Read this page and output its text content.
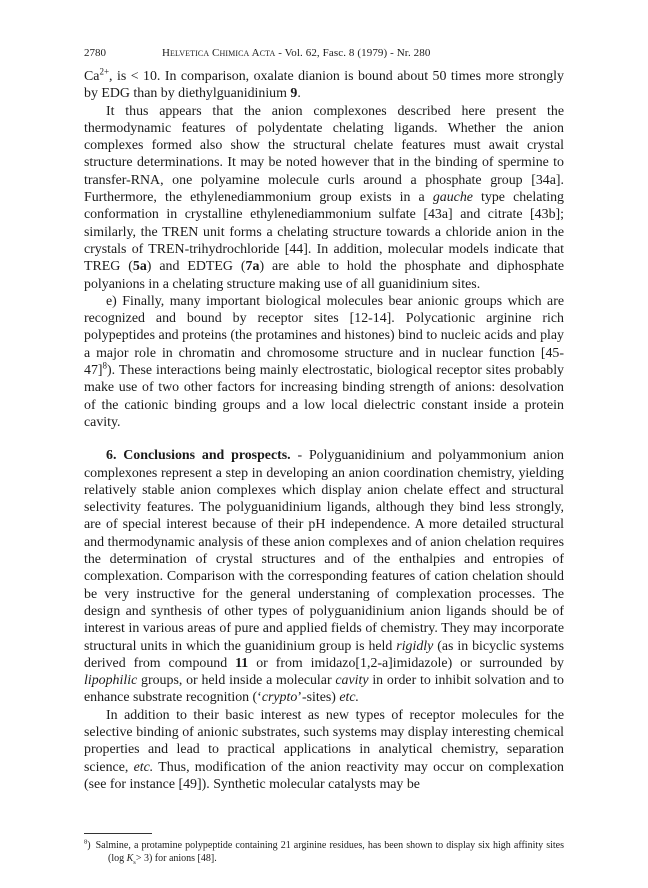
2780	Helvetica Chimica Acta - Vol. 62, Fasc. 8 (1979) - Nr. 280

$Ca^{2+}$, is < 10. In comparison, oxalate dianion is bound about 50 times more strongly by EDG than by diethylguanidinium 9.

It thus appears that the anion complexones described here present the thermodynamic features of polydentate chelating ligands. Whether the anion complexes formed also show the structural chelate features must await crystal structure determinations. It may be noted however that in the binding of spermine to transfer-RNA, one polyamine molecule curls around a phosphate group [34a]. Furthermore, the ethylenediammonium group exists in a gauche type chelating conformation in crystalline ethylenediammonium sulfate [43a] and citrate [43b]; similarly, the TREN unit forms a chelating structure towards a chloride anion in the crystals of TREN-trihydrochloride [44]. In addition, molecular models indicate that TREG (5a) and EDTEG (7a) are able to hold the phosphate and diphosphate polyanions in a chelating structure making use of all guanidinium sites.

e) Finally, many important biological molecules bear anionic groups which are recognized and bound by receptor sites [12-14]. Polycationic arginine rich polypeptides and proteins (the protamines and histones) bind to nucleic acids and play a major role in chromatin and chromosome structure and in nuclear function $[45-47]^8$). These interactions being mainly electrostatic, biological receptor sites probably make use of two other factors for increasing binding strength of anions: desolvation of the cationic binding groups and a low local dielectric constant inside a protein cavity.

6. Conclusions and prospects. - Polyguanidinium and polyammonium anion complexones represent a step in developing an anion coordination chemistry, yielding relatively stable anion complexes which display anion chelate effect and structural selectivity features. The polyguanidinium ligands, although they bind less strongly, are of special interest because of their pH independence. A more detailed structural and thermodynamic analysis of these anion complexes and of anion chelation requires the determination of crystal structures and of the enthalpies and entropies of complexation. Comparison with the corresponding features of cation chelation should be very instructive for the general understaning of complexation processes. The design and synthesis of other types of polyguanidinium anion ligands should be of interest in various areas of pure and applied fields of chemistry. They may incorporate structural units in which the guanidinium group is held rigidly (as in bicyclic systems derived from compound 11 or from imidazo[1,2-a]imidazole) or surrounded by lipophilic groups, or held inside a molecular cavity in order to inhibit solvation and to enhance substrate recognition (‘crypto’-sites) etc.

In addition to their basic interest as new types of receptor molecules for the selective binding of anionic substrates, such systems may display interesting chemical properties and lead to practical applications in analytical chemistry, separation science, etc. Thus, modification of the anion reactivity may occur on complexation (see for instance [49]). Synthetic molecular catalysts may be

$^8$) Salmine, a protamine polypeptide containing 21 arginine residues, has been shown to display six high affinity sites (log $K_s> 3$) for anions [48].
